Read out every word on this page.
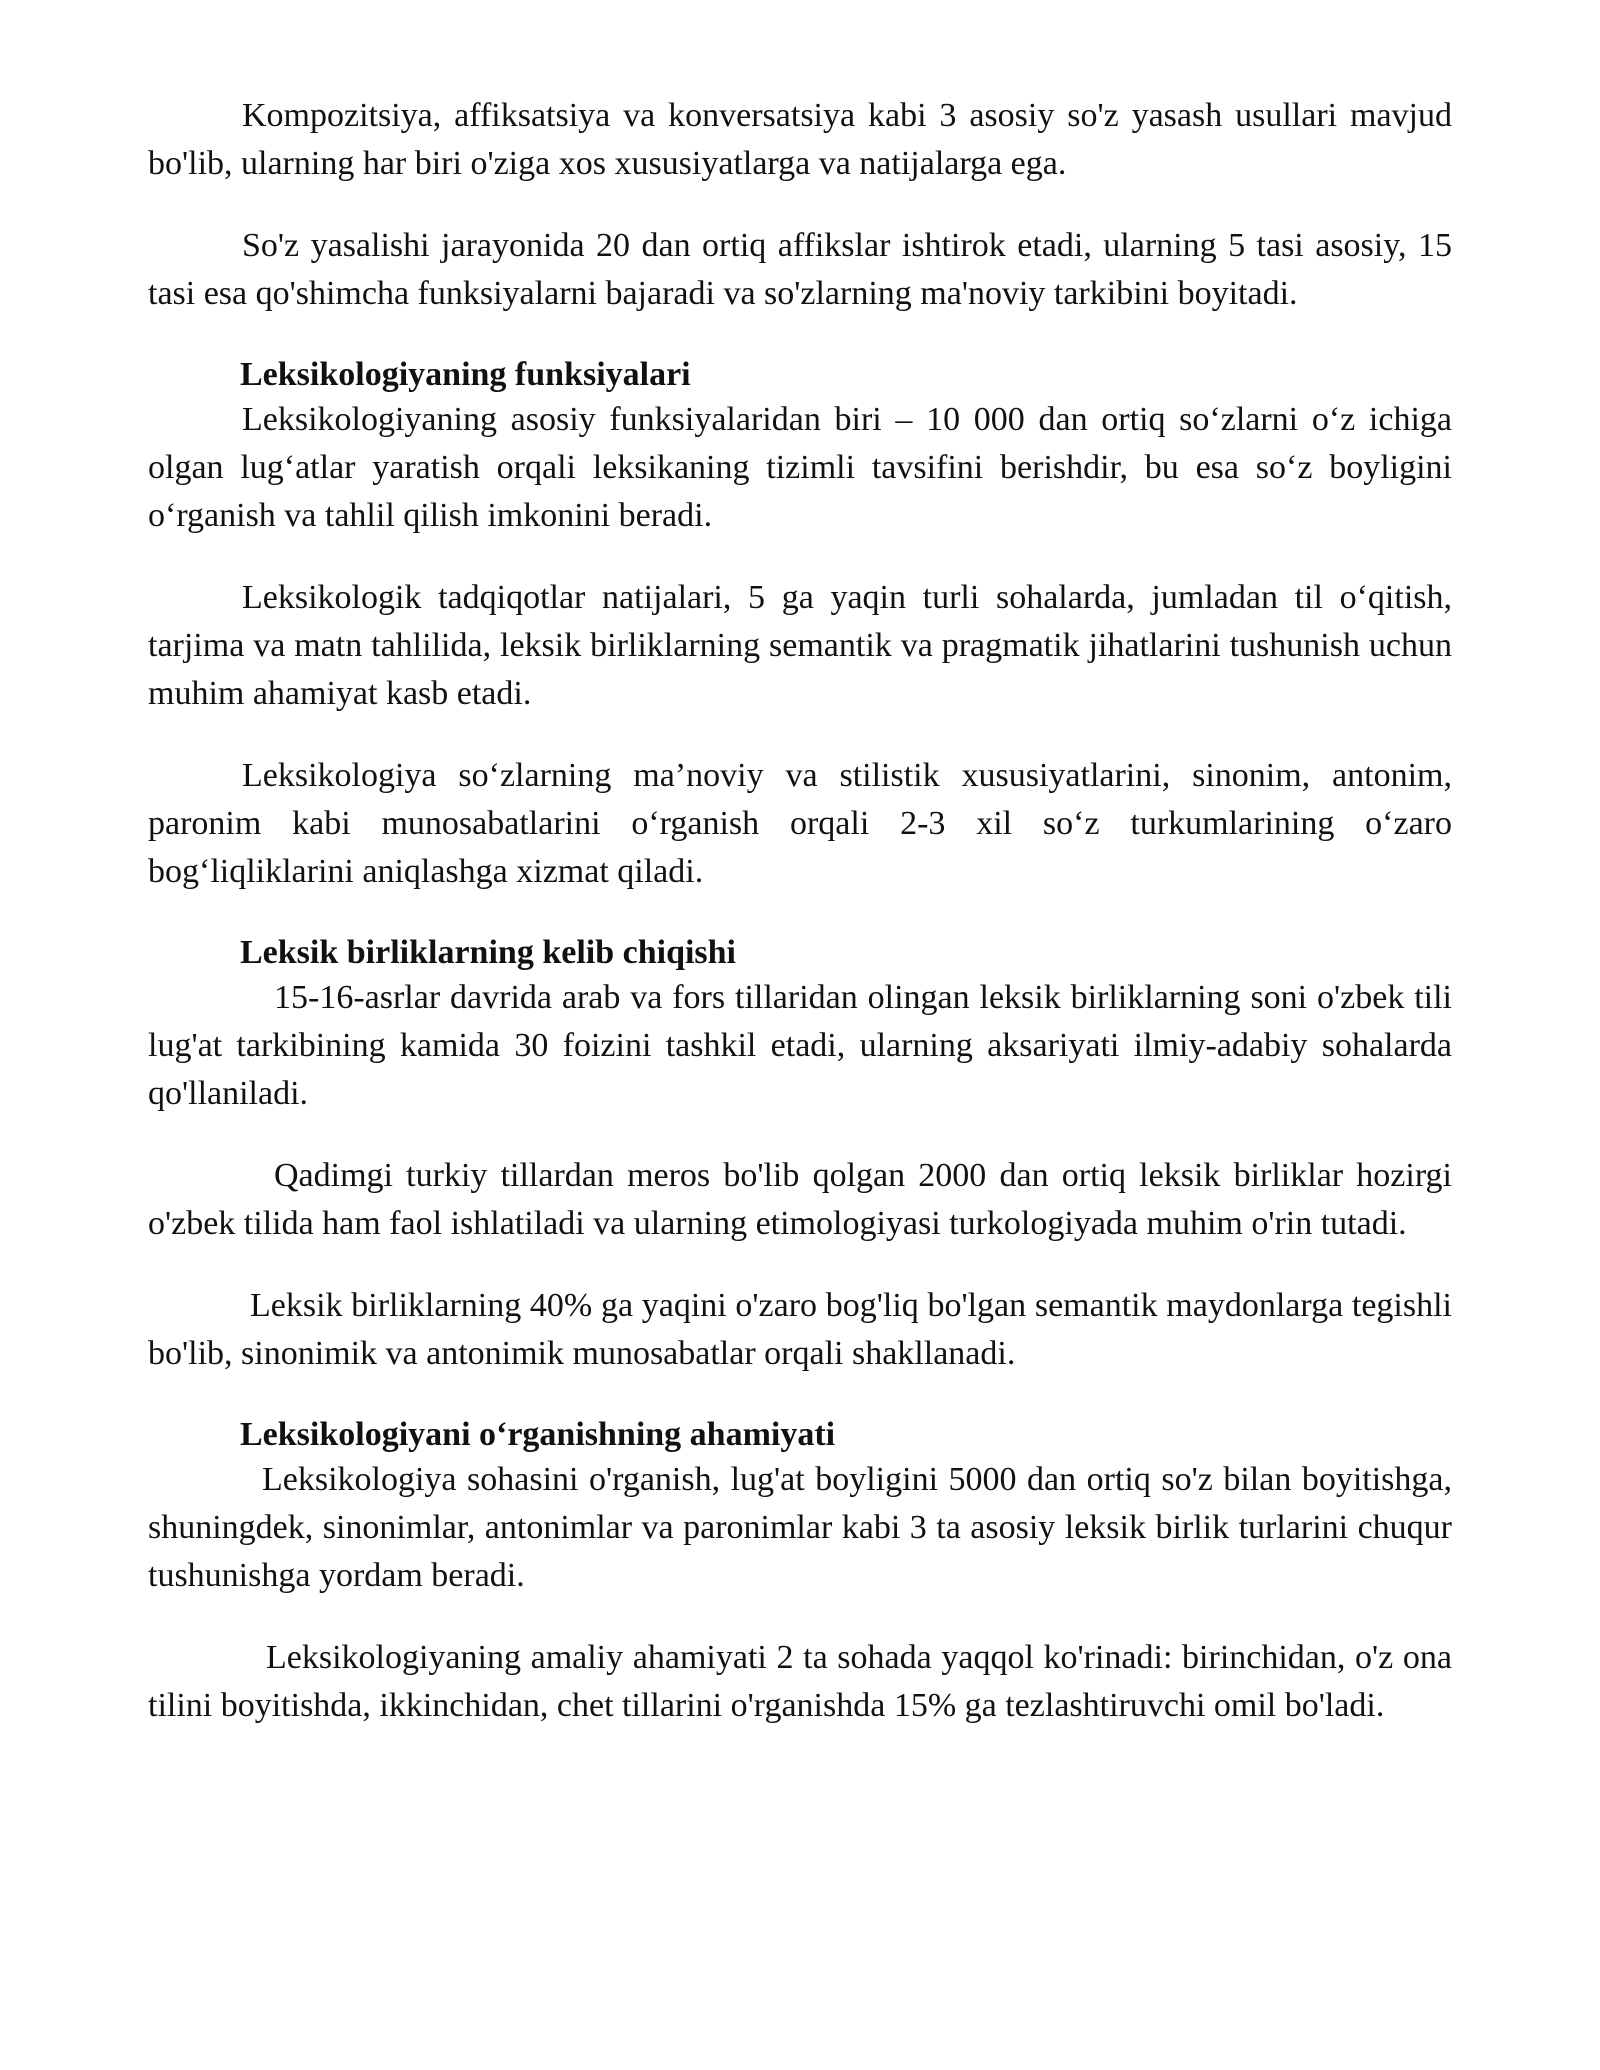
Kompozitsiya, affiksatsiya va konversatsiya kabi 3 asosiy so'z yasash usullari mavjud bo'lib, ularning har biri o'ziga xos xususiyatlarga va natijalarga ega.

So'z yasalishi jarayonida 20 dan ortiq affikslar ishtirok etadi, ularning 5 tasi asosiy, 15 tasi esa qo'shimcha funksiyalarni bajaradi va so'zlarning ma'noviy tarkibini boyitadi.

Leksikologiyaning funksiyalari

Leksikologiyaning asosiy funksiyalaridan biri – 10 000 dan ortiq so‘zlarni o‘z ichiga olgan lug‘atlar yaratish orqali leksikaning tizimli tavsifini berishdir, bu esa so‘z boyligini o‘rganish va tahlil qilish imkonini beradi.

Leksikologik tadqiqotlar natijalari, 5 ga yaqin turli sohalarda, jumladan til o‘qitish, tarjima va matn tahlilida, leksik birliklarning semantik va pragmatik jihatlarini tushunish uchun muhim ahamiyat kasb etadi.

Leksikologiya so‘zlarning ma’noviy va stilistik xususiyatlarini, sinonim, antonim, paronim kabi munosabatlarini o‘rganish orqali 2-3 xil so‘z turkumlarining o‘zaro bog‘liqliklarini aniqlashga xizmat qiladi.

Leksik birliklarning kelib chiqishi

15-16-asrlar davrida arab va fors tillaridan olingan leksik birliklarning soni o'zbek tili lug'at tarkibining kamida 30 foizini tashkil etadi, ularning aksariyati ilmiy-adabiy sohalarda qo'llaniladi.

Qadimgi turkiy tillardan meros bo'lib qolgan 2000 dan ortiq leksik birliklar hozirgi o'zbek tilida ham faol ishlatiladi va ularning etimologiyasi turkologiyada muhim o'rin tutadi.

Leksik birliklarning 40% ga yaqini o'zaro bog'liq bo'lgan semantik maydonlarga tegishli bo'lib, sinonimik va antonimik munosabatlar orqali shakllanadi.

Leksikologiyani o‘rganishning ahamiyati

Leksikologiya sohasini o'rganish, lug'at boyligini 5000 dan ortiq so'z bilan boyitishga, shuningdek, sinonimlar, antonimlar va paronimlar kabi 3 ta asosiy leksik birlik turlarini chuqur tushunishga yordam beradi.

Leksikologiyaning amaliy ahamiyati 2 ta sohada yaqqol ko'rinadi: birinchidan, o'z ona tilini boyitishda, ikkinchidan, chet tillarini o'rganishda 15% ga tezlashtiruvchi omil bo'ladi.
